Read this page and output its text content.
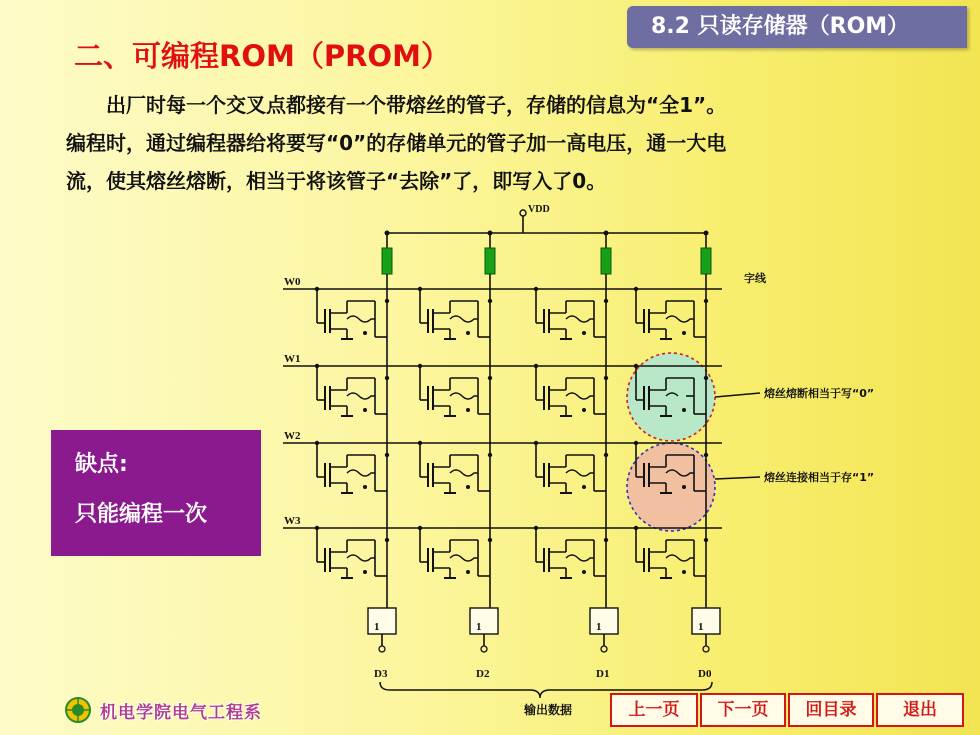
8.2 只读存储器（ROM）
二、可编程ROM（PROM）
出厂时每一个交叉点都接有一个带熔丝的管子，存储的信息为“全1”。
编程时，通过编程器给将要写“0”的存储单元的管子加一高电压，通一大电
流，使其熔丝熔断，相当于将该管子“去除”了，即写入了0。
VDD
W0
W1
W2
W3
字线
熔丝熔断相当于写“0”
熔丝连接相当于存“1”
1
D3
1
D2
1
D1
1
D0
输出数据
缺点:
只能编程一次
机电学院电气工程系	上一页	下一页	回目录	退出
